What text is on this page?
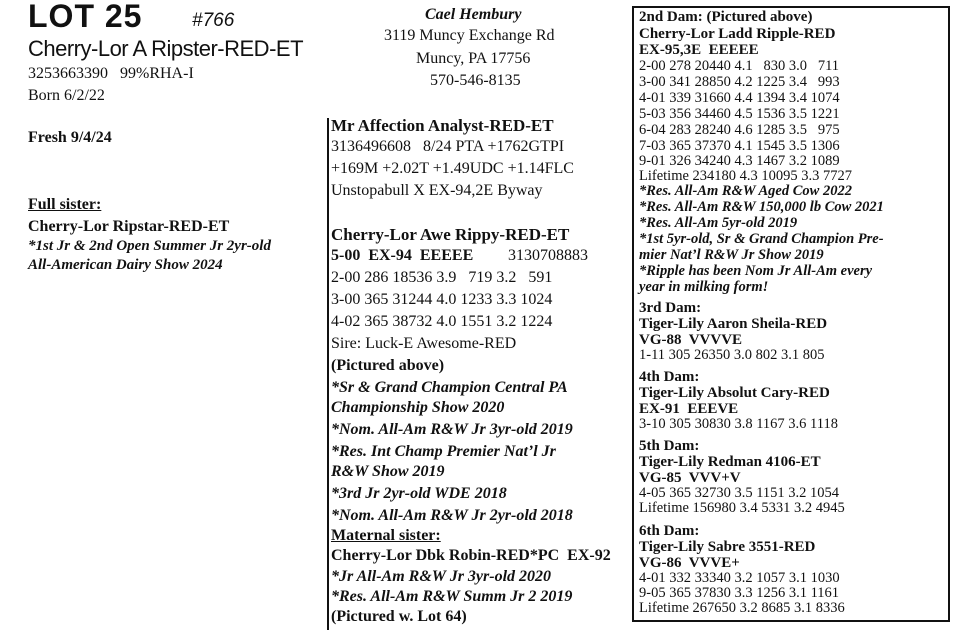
LOT 25	#766
Cherry-Lor A Ripster-RED-ET
3253663390   99%RHA-I
Born 6/2/22
Fresh 9/4/24
Full sister:
Cherry-Lor Ripstar-RED-ET
*1st Jr & 2nd Open Summer Jr 2yr-old
All-American Dairy Show 2024
Cael Hembury
3119 Muncy Exchange Rd
Muncy, PA 17756
570-546-8135
Mr Affection Analyst-RED-ET
3136496608   8/24 PTA +1762GTPI
+169M +2.02T +1.49UDC +1.14FLC
Unstopabull X EX-94,2E Byway
Cherry-Lor Awe Rippy-RED-ET
5-00  EX-94  EEEEE 3130708883
2-00 286 18536 3.9   719 3.2   591
3-00 365 31244 4.0 1233 3.3 1024
4-02 365 38732 4.0 1551 3.2 1224
Sire: Luck-E Awesome-RED
(Pictured above)
*Sr & Grand Champion Central PA
Championship Show 2020
*Nom. All-Am R&W Jr 3yr-old 2019
*Res. Int Champ Premier Nat’l Jr
R&W Show 2019
*3rd Jr 2yr-old WDE 2018
*Nom. All-Am R&W Jr 2yr-old 2018
Maternal sister:
Cherry-Lor Dbk Robin-RED*PC  EX-92
*Jr All-Am R&W Jr 3yr-old 2020
*Res. All-Am R&W Summ Jr 2 2019
(Pictured w. Lot 64)
2nd Dam: (Pictured above)
Cherry-Lor Ladd Ripple-RED
EX-95,3E  EEEEE
2-00 278 20440 4.1   830 3.0   711
3-00 341 28850 4.2 1225 3.4   993
4-01 339 31660 4.4 1394 3.4 1074
5-03 356 34460 4.5 1536 3.5 1221
6-04 283 28240 4.6 1285 3.5   975
7-03 365 37370 4.1 1545 3.5 1306
9-01 326 34240 4.3 1467 3.2 1089
Lifetime 234180 4.3 10095 3.3 7727
*Res. All-Am R&W Aged Cow 2022
*Res. All-Am R&W 150,000 lb Cow 2021
*Res. All-Am 5yr-old 2019
*1st 5yr-old, Sr & Grand Champion Pre-
mier Nat’l R&W Jr Show 2019
*Ripple has been Nom Jr All-Am every
year in milking form!
3rd Dam:
Tiger-Lily Aaron Sheila-RED
VG-88  VVVVE
1-11 305 26350 3.0 802 3.1 805
4th Dam:
Tiger-Lily Absolut Cary-RED
EX-91  EEEVE
3-10 305 30830 3.8 1167 3.6 1118
5th Dam:
Tiger-Lily Redman 4106-ET
VG-85  VVV+V
4-05 365 32730 3.5 1151 3.2 1054
Lifetime 156980 3.4 5331 3.2 4945
6th Dam:
Tiger-Lily Sabre 3551-RED
VG-86  VVVE+
4-01 332 33340 3.2 1057 3.1 1030
9-05 365 37830 3.3 1256 3.1 1161
Lifetime 267650 3.2 8685 3.1 8336
